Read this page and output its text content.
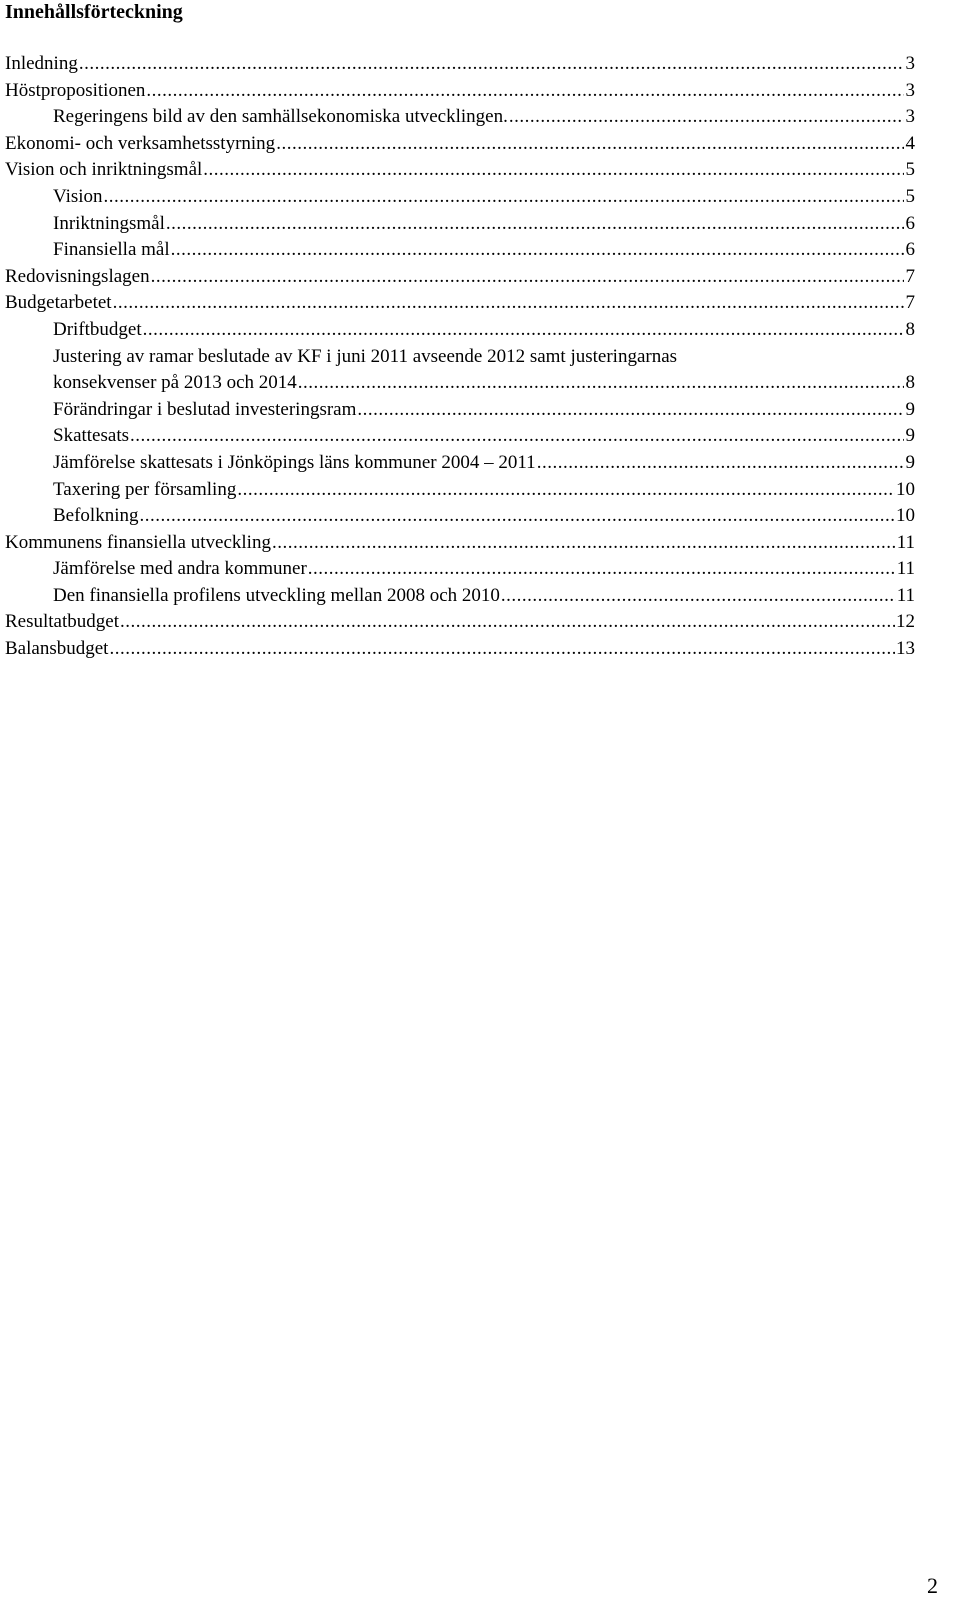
Innehållsförteckning
Inledning .....	3
Höstpropositionen .....	3
Regeringens bild av den samhällsekonomiska utvecklingen. .....	3
Ekonomi- och verksamhetsstyrning .....	4
Vision och inriktningsmål .....	5
Vision .....	5
Inriktningsmål .....	6
Finansiella mål .....	6
Redovisningslagen .....	7
Budgetarbetet .....	7
Driftbudget .....	8
Justering av ramar beslutade av KF i juni 2011 avseende 2012 samt justeringarnas
konsekvenser på 2013 och 2014 .....	8
Förändringar i beslutad investeringsram .....	9
Skattesats .....	9
Jämförelse skattesats i Jönköpings läns kommuner 2004 – 2011 .....	9
Taxering per församling .....	10
Befolkning .....	10
Kommunens finansiella utveckling .....	11
Jämförelse med andra kommuner .....	11
Den finansiella profilens utveckling mellan 2008 och 2010 .....	11
Resultatbudget .....	12
Balansbudget .....	13
2
